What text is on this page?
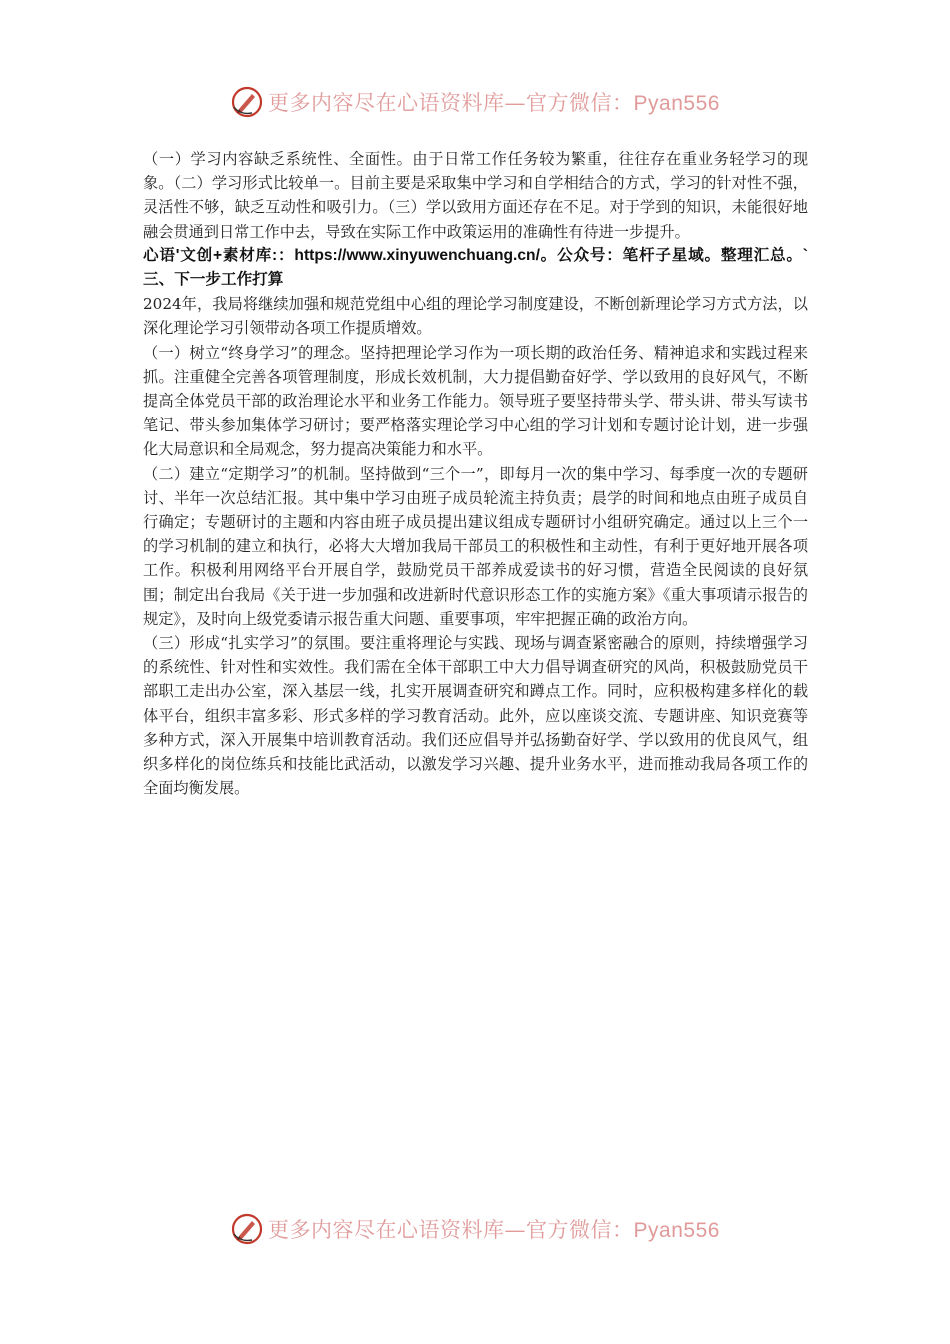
更多内容尽在心语资料库—官方微信：Pyan556

（一）学习内容缺乏系统性、全面性。由于日常工作任务较为繁重，往往存在重业务轻学习的现象。（二）学习形式比较单一。目前主要是采取集中学习和自学相结合的方式，学习的针对性不强，灵活性不够，缺乏互动性和吸引力。（三）学以致用方面还存在不足。对于学到的知识，未能很好地融会贯通到日常工作中去，导致在实际工作中政策运用的准确性有待进一步提升。

心语'文创+素材库:：https://www.xinyuwenchuang.cn/。公众号：笔杆子星域。整理汇总。`三、下一步工作打算

2024年，我局将继续加强和规范党组中心组的理论学习制度建设，不断创新理论学习方式方法，以深化理论学习引领带动各项工作提质增效。

（一）树立“终身学习”的理念。坚持把理论学习作为一项长期的政治任务、精神追求和实践过程来抓。注重健全完善各项管理制度，形成长效机制，大力提倡勤奋好学、学以致用的良好风气，不断提高全体党员干部的政治理论水平和业务工作能力。领导班子要坚持带头学、带头讲、带头写读书笔记、带头参加集体学习研讨；要严格落实理论学习中心组的学习计划和专题讨论计划，进一步强化大局意识和全局观念，努力提高决策能力和水平。

（二）建立“定期学习”的机制。坚持做到“三个一”，即每月一次的集中学习、每季度一次的专题研讨、半年一次总结汇报。其中集中学习由班子成员轮流主持负责；晨学的时间和地点由班子成员自行确定；专题研讨的主题和内容由班子成员提出建议组成专题研讨小组研究确定。通过以上三个一的学习机制的建立和执行，必将大大增加我局干部员工的积极性和主动性，有利于更好地开展各项工作。积极利用网络平台开展自学，鼓励党员干部养成爱读书的好习惯，营造全民阅读的良好氛围；制定出台我局《关于进一步加强和改进新时代意识形态工作的实施方案》《重大事项请示报告的规定》，及时向上级党委请示报告重大问题、重要事项，牢牢把握正确的政治方向。

（三）形成“扎实学习”的氛围。要注重将理论与实践、现场与调查紧密融合的原则，持续增强学习的系统性、针对性和实效性。我们需在全体干部职工中大力倡导调查研究的风尚，积极鼓励党员干部职工走出办公室，深入基层一线，扎实开展调查研究和蹲点工作。同时，应积极构建多样化的载体平台，组织丰富多彩、形式多样的学习教育活动。此外，应以座谈交流、专题讲座、知识竞赛等多种方式，深入开展集中培训教育活动。我们还应倡导并弘扬勤奋好学、学以致用的优良风气，组织多样化的岗位练兵和技能比武活动，以激发学习兴趣、提升业务水平，进而推动我局各项工作的全面均衡发展。

更多内容尽在心语资料库—官方微信：Pyan556
